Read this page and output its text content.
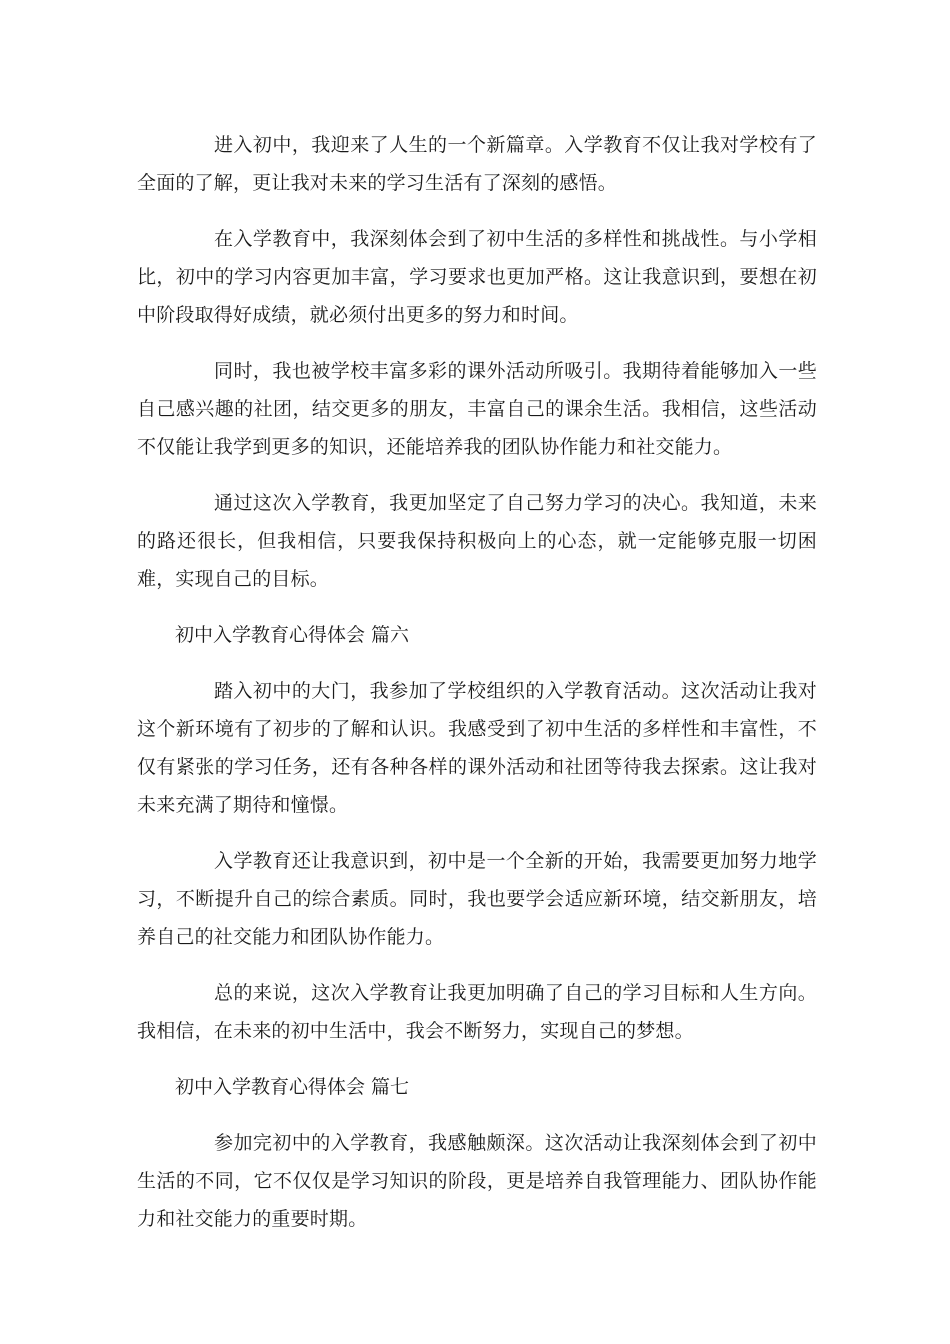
进入初中，我迎来了人生的一个新篇章。入学教育不仅让我对学校有了全面的了解，更让我对未来的学习生活有了深刻的感悟。

在入学教育中，我深刻体会到了初中生活的多样性和挑战性。与小学相比，初中的学习内容更加丰富，学习要求也更加严格。这让我意识到，要想在初中阶段取得好成绩，就必须付出更多的努力和时间。

同时，我也被学校丰富多彩的课外活动所吸引。我期待着能够加入一些自己感兴趣的社团，结交更多的朋友，丰富自己的课余生活。我相信，这些活动不仅能让我学到更多的知识，还能培养我的团队协作能力和社交能力。

通过这次入学教育，我更加坚定了自己努力学习的决心。我知道，未来的路还很长，但我相信，只要我保持积极向上的心态，就一定能够克服一切困难，实现自己的目标。

初中入学教育心得体会 篇六

踏入初中的大门，我参加了学校组织的入学教育活动。这次活动让我对这个新环境有了初步的了解和认识。我感受到了初中生活的多样性和丰富性，不仅有紧张的学习任务，还有各种各样的课外活动和社团等待我去探索。这让我对未来充满了期待和憧憬。

入学教育还让我意识到，初中是一个全新的开始，我需要更加努力地学习，不断提升自己的综合素质。同时，我也要学会适应新环境，结交新朋友，培养自己的社交能力和团队协作能力。

总的来说，这次入学教育让我更加明确了自己的学习目标和人生方向。我相信，在未来的初中生活中，我会不断努力，实现自己的梦想。

初中入学教育心得体会 篇七

参加完初中的入学教育，我感触颇深。这次活动让我深刻体会到了初中生活的不同，它不仅仅是学习知识的阶段，更是培养自我管理能力、团队协作能力和社交能力的重要时期。
